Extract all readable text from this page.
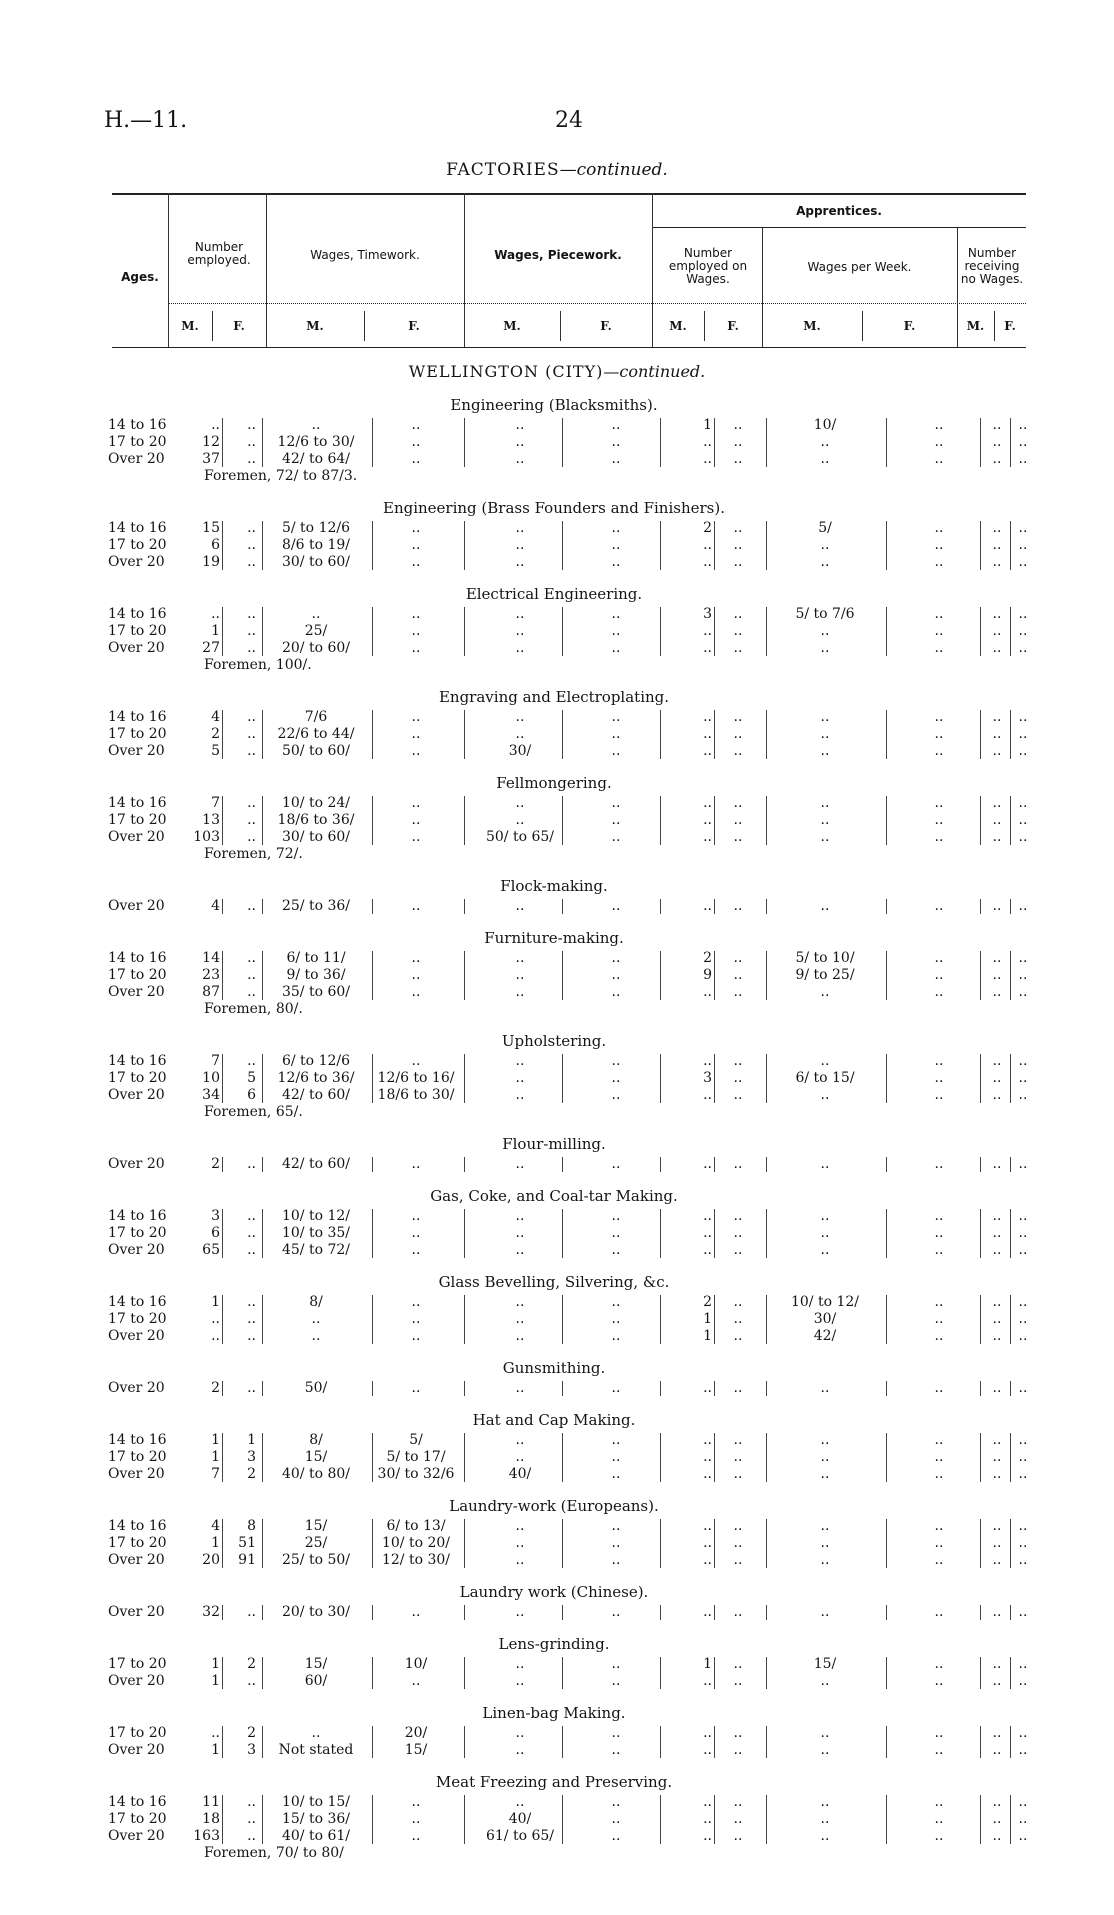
H.—11.	24
FACTORIES—continued.
Ages.
Number employed.	Wages, Timework.	Wages, Piecework.
Apprentices.
Number employed on Wages.
Wages per Week.
Number receiving no Wages.
M.	F.	M.	F.	M.	F.	M.	F.	M.	F.	M.	F.
WELLINGTON (CITY)—continued.
Engineering (Blacksmiths).
14 to 16	..	..	..	..	..	..	1	..	10/	..	..	..
17 to 20	12	..	12/6 to 30/	..	..	..	..	..	..	..	..	..
Over 20	37	..	42/ to 64/	..	..	..	..	..	..	..	..	..
Foremen, 72/ to 87/3.
Engineering (Brass Founders and Finishers).
14 to 16	15	..	5/ to 12/6	..	..	..	2	..	5/	..	..	..
17 to 20	6	..	8/6 to 19/	..	..	..	..	..	..	..	..	..
Over 20	19	..	30/ to 60/	..	..	..	..	..	..	..	..	..
Electrical Engineering.
14 to 16	..	..	..	..	..	..	3	..	5/ to 7/6	..	..	..
17 to 20	1	..	25/	..	..	..	..	..	..	..	..	..
Over 20	27	..	20/ to 60/	..	..	..	..	..	..	..	..	..
Foremen, 100/.
Engraving and Electroplating.
14 to 16	4	..	7/6	..	..	..	..	..	..	..	..	..
17 to 20	2	..	22/6 to 44/	..	..	..	..	..	..	..	..	..
Over 20	5	..	50/ to 60/	..	30/	..	..	..	..	..	..	..
Fellmongering.
14 to 16	7	..	10/ to 24/	..	..	..	..	..	..	..	..	..
17 to 20	13	..	18/6 to 36/	..	..	..	..	..	..	..	..	..
Over 20	103	..	30/ to 60/	..	50/ to 65/	..	..	..	..	..	..	..
Foremen, 72/.
Flock-making.
Over 20	4	..	25/ to 36/	..	..	..	..	..	..	..	..	..
Furniture-making.
14 to 16	14	..	6/ to 11/	..	..	..	2	..	5/ to 10/	..	..	..
17 to 20	23	..	9/ to 36/	..	..	..	9	..	9/ to 25/	..	..	..
Over 20	87	..	35/ to 60/	..	..	..	..	..	..	..	..	..
Foremen, 80/.
Upholstering.
14 to 16	7	..	6/ to 12/6	..	..	..	..	..	..	..	..	..
17 to 20	10	5	12/6 to 36/	12/6 to 16/	..	..	3	..	6/ to 15/	..	..	..
Over 20	34	6	42/ to 60/	18/6 to 30/	..	..	..	..	..	..	..	..
Foremen, 65/.
Flour-milling.
Over 20	2	..	42/ to 60/	..	..	..	..	..	..	..	..	..
Gas, Coke, and Coal-tar Making.
14 to 16	3	..	10/ to 12/	..	..	..	..	..	..	..	..	..
17 to 20	6	..	10/ to 35/	..	..	..	..	..	..	..	..	..
Over 20	65	..	45/ to 72/	..	..	..	..	..	..	..	..	..
Glass Bevelling, Silvering, &c.
14 to 16	1	..	8/	..	..	..	2	..	10/ to 12/	..	..	..
17 to 20	..	..	..	..	..	..	1	..	30/	..	..	..
Over 20	..	..	..	..	..	..	1	..	42/	..	..	..
Gunsmithing.
Over 20	2	..	50/	..	..	..	..	..	..	..	..	..
Hat and Cap Making.
14 to 16	1	1	8/	5/	..	..	..	..	..	..	..	..
17 to 20	1	3	15/	5/ to 17/	..	..	..	..	..	..	..	..
Over 20	7	2	40/ to 80/	30/ to 32/6	40/	..	..	..	..	..	..	..
Laundry-work (Europeans).
14 to 16	4	8	15/	6/ to 13/	..	..	..	..	..	..	..	..
17 to 20	1	51	25/	10/ to 20/	..	..	..	..	..	..	..	..
Over 20	20	91	25/ to 50/	12/ to 30/	..	..	..	..	..	..	..	..
Laundry work (Chinese).
Over 20	32	..	20/ to 30/	..	..	..	..	..	..	..	..	..
Lens-grinding.
17 to 20	1	2	15/	10/	..	..	1	..	15/	..	..	..
Over 20	1	..	60/	..	..	..	..	..	..	..	..	..
Linen-bag Making.
17 to 20	..	2	..	20/	..	..	..	..	..	..	..	..
Over 20	1	3	Not stated	15/	..	..	..	..	..	..	..	..
Meat Freezing and Preserving.
14 to 16	11	..	10/ to 15/	..	..	..	..	..	..	..	..	..
17 to 20	18	..	15/ to 36/	..	40/	..	..	..	..	..	..	..
Over 20	163	..	40/ to 61/	..	61/ to 65/	..	..	..	..	..	..	..
Foremen, 70/ to 80/
